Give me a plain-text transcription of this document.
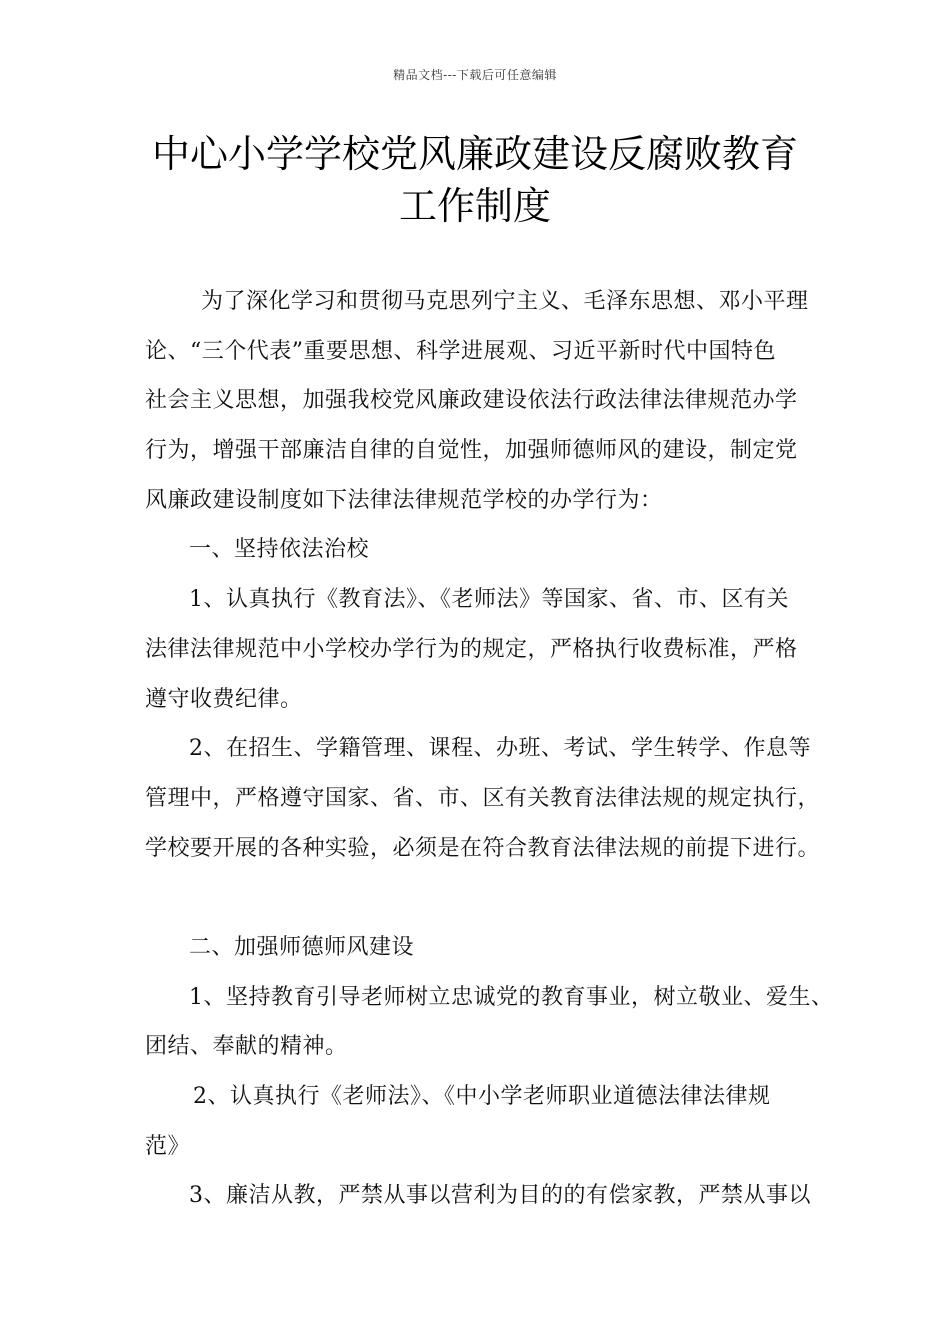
精品文档---下载后可任意编辑
中心小学学校党风廉政建设反腐败教育
工作制度
为了深化学习和贯彻马克思列宁主义、毛泽东思想、邓小平理
论、“三个代表”重要思想、科学进展观、习近平新时代中国特色
社会主义思想，加强我校党风廉政建设依法行政法律法律规范办学
行为，增强干部廉洁自律的自觉性，加强师德师风的建设，制定党
风廉政建设制度如下法律法律规范学校的办学行为：
一、坚持依法治校
1、认真执行《教育法》、《老师法》等国家、省、市、区有关
法律法律规范中小学校办学行为的规定，严格执行收费标准，严格
遵守收费纪律。
2、在招生、学籍管理、课程、办班、考试、学生转学、作息等
管理中，严格遵守国家、省、市、区有关教育法律法规的规定执行，
学校要开展的各种实验，必须是在符合教育法律法规的前提下进行。
二、加强师德师风建设
1、坚持教育引导老师树立忠诚党的教育事业，树立敬业、爱生、
团结、奉献的精神。
2、认真执行《老师法》、《中小学老师职业道德法律法律规
范》
3、廉洁从教，严禁从事以营利为目的的有偿家教，严禁从事以
